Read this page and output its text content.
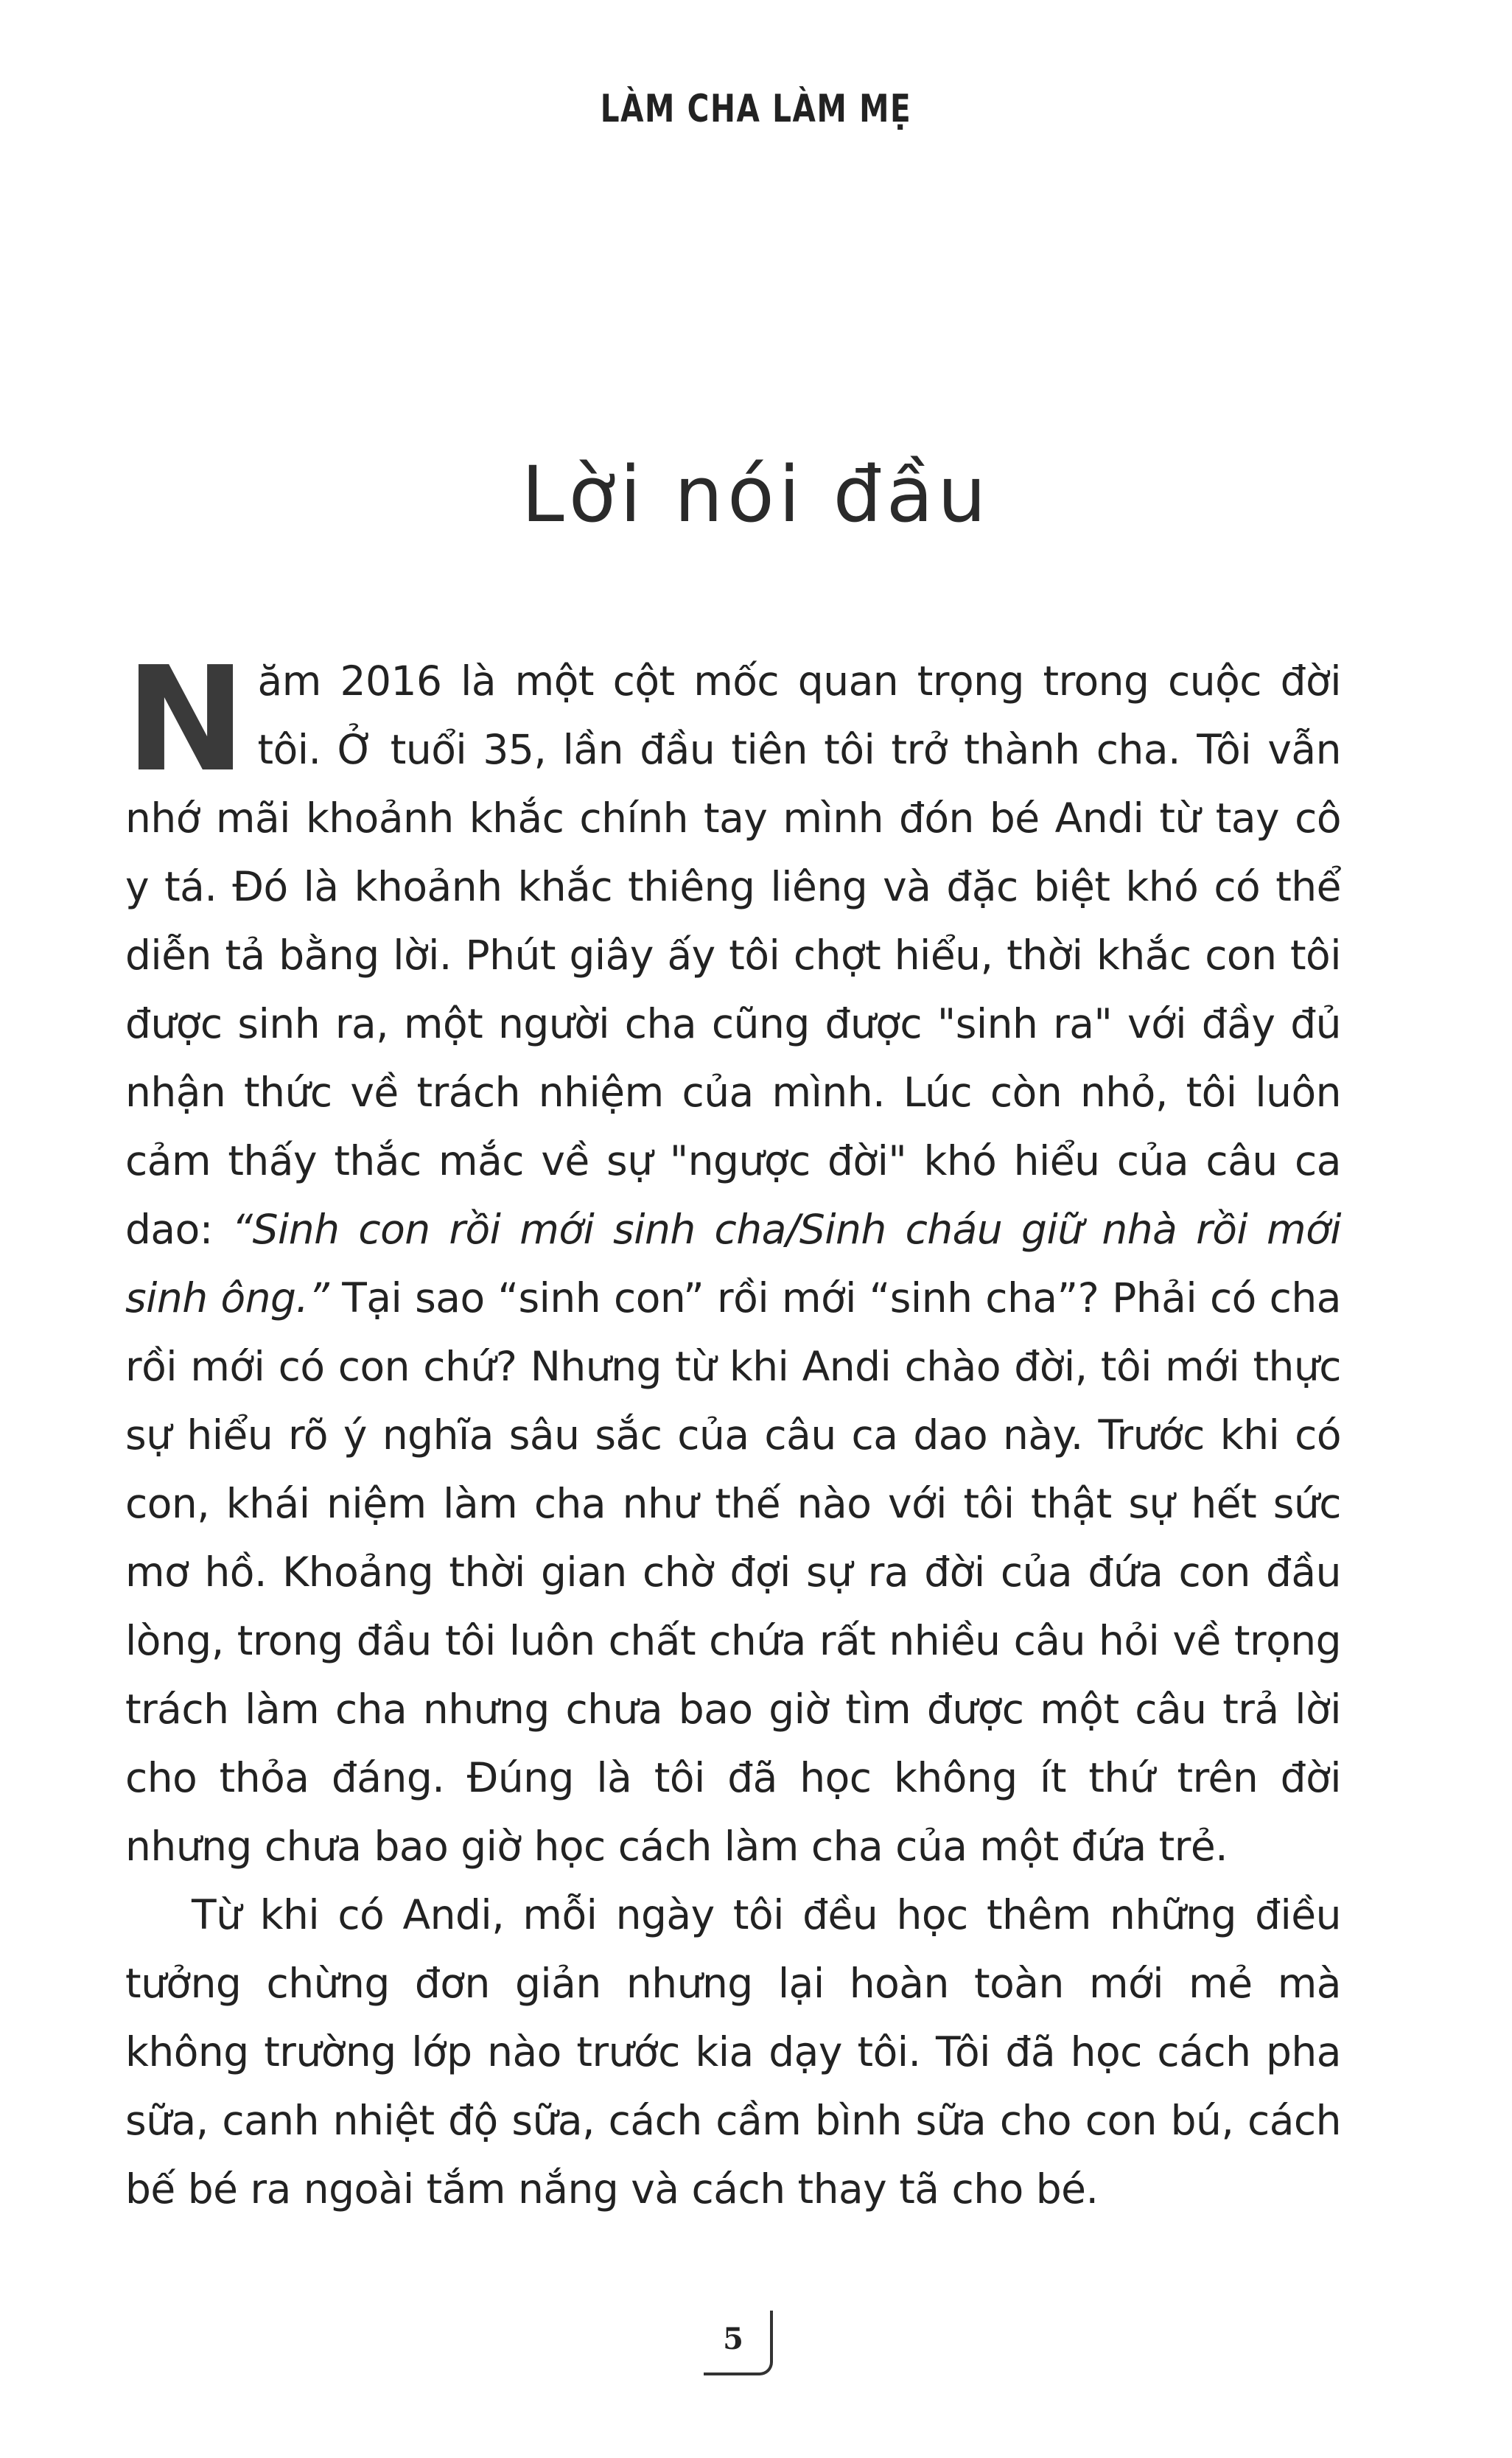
LÀM CHA LÀM MẸ
Lời nói đầu

Năm 2016 là một cột mốc quan trọng trong cuộc đời tôi. Ở tuổi 35, lần đầu tiên tôi trở thành cha. Tôi vẫn nhớ mãi khoảnh khắc chính tay mình đón bé Andi từ tay cô y tá. Đó là khoảnh khắc thiêng liêng và đặc biệt khó có thể diễn tả bằng lời. Phút giây ấy tôi chợt hiểu, thời khắc con tôi được sinh ra, một người cha cũng được "sinh ra" với đầy đủ nhận thức về trách nhiệm của mình. Lúc còn nhỏ, tôi luôn cảm thấy thắc mắc về sự "ngược đời" khó hiểu của câu ca dao: “Sinh con rồi mới sinh cha/Sinh cháu giữ nhà rồi mới sinh ông.” Tại sao “sinh con” rồi mới “sinh cha”? Phải có cha rồi mới có con chứ? Nhưng từ khi Andi chào đời, tôi mới thực sự hiểu rõ ý nghĩa sâu sắc của câu ca dao này. Trước khi có con, khái niệm làm cha như thế nào với tôi thật sự hết sức mơ hồ. Khoảng thời gian chờ đợi sự ra đời của đứa con đầu lòng, trong đầu tôi luôn chất chứa rất nhiều câu hỏi về trọng trách làm cha nhưng chưa bao giờ tìm được một câu trả lời cho thỏa đáng. Đúng là tôi đã học không ít thứ trên đời nhưng chưa bao giờ học cách làm cha của một đứa trẻ.

Từ khi có Andi, mỗi ngày tôi đều học thêm những điều tưởng chừng đơn giản nhưng lại hoàn toàn mới mẻ mà không trường lớp nào trước kia dạy tôi. Tôi đã học cách pha sữa, canh nhiệt độ sữa, cách cầm bình sữa cho con bú, cách bế bé ra ngoài tắm nắng và cách thay tã cho bé.

5
